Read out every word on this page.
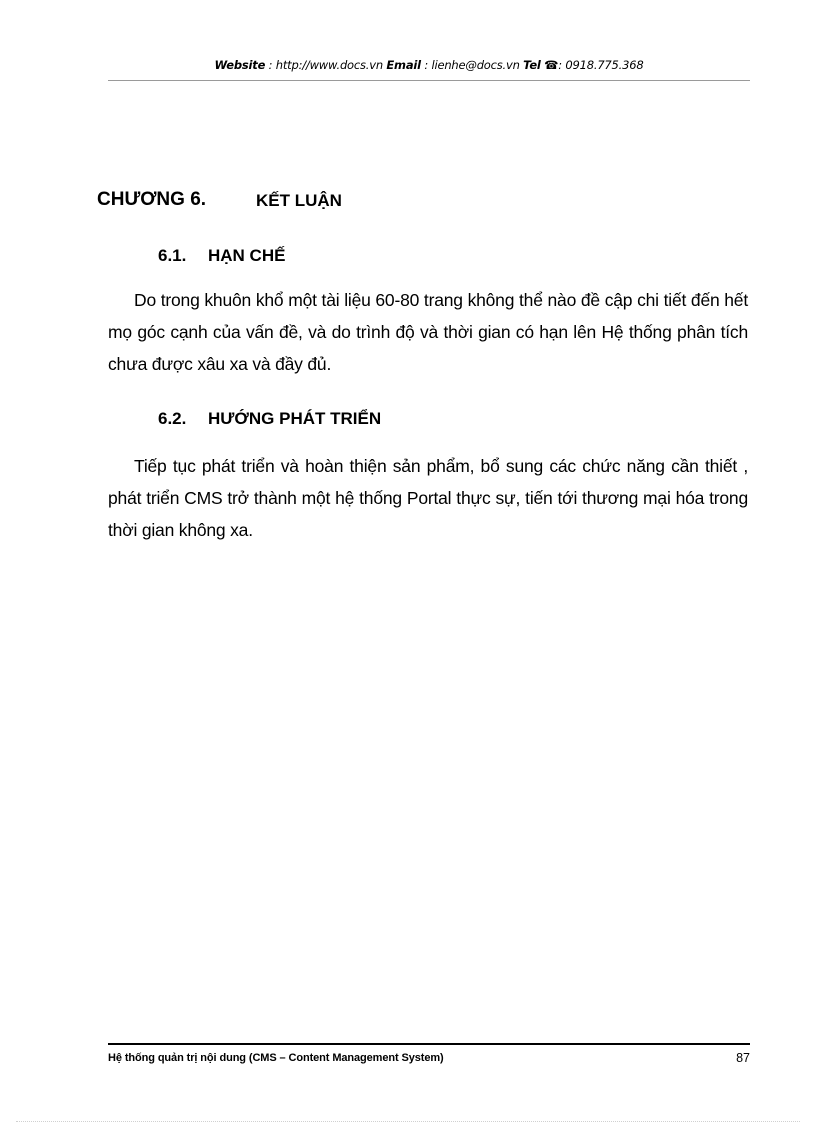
Website : http://www.docs.vn Email : lienhe@docs.vn Tel ☎: 0918.775.368
CHƯƠNG 6.	KẾT LUẬN
6.1. HẠN CHẾ

Do trong khuôn khổ một tài liệu 60-80 trang không thể nào đề cập chi tiết đến hết mọ góc cạnh của vấn đề, và do trình độ và thời gian có hạn lên Hệ thống phân tích chưa được xâu xa và đầy đủ.

6.2. HƯỚNG PHÁT TRIỂN

Tiếp tục phát triển và hoàn thiện sản phẩm, bổ sung các chức năng cần thiết , phát triển CMS trở thành một hệ thống Portal thực sự, tiến tới thương mại hóa trong thời gian không xa.

Hệ thống quản trị nội dung (CMS – Content Management System)	87
